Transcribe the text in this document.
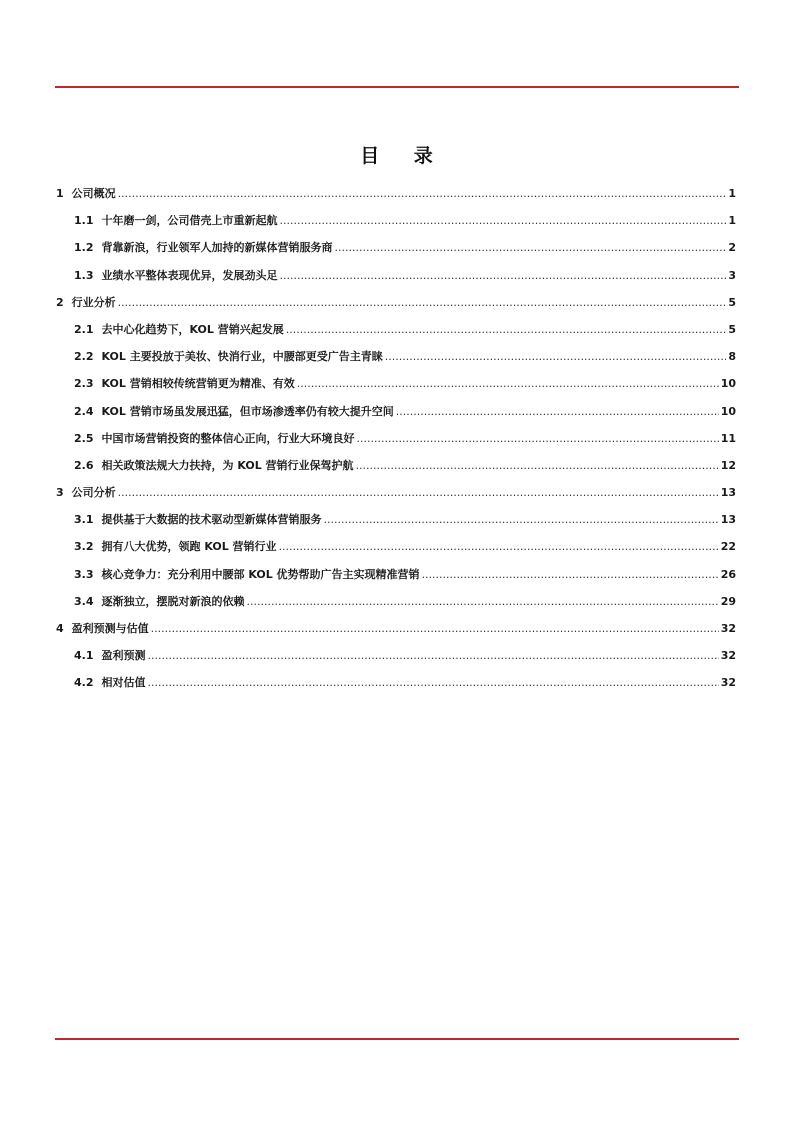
目 录
1 公司概况 .....	1
1.1 十年磨一剑，公司借壳上市重新起航 .....	1
1.2 背靠新浪，行业领军人加持的新媒体营销服务商 .....	2
1.3 业绩水平整体表现优异，发展劲头足 .....	3
2 行业分析 .....	5
2.1 去中心化趋势下，KOL 营销兴起发展 .....	5
2.2 KOL 主要投放于美妆、快消行业，中腰部更受广告主青睐 .....	8
2.3 KOL 营销相较传统营销更为精准、有效 .....	10
2.4 KOL 营销市场虽发展迅猛，但市场渗透率仍有较大提升空间 .....	10
2.5 中国市场营销投资的整体信心正向，行业大环境良好 .....	11
2.6 相关政策法规大力扶持，为 KOL 营销行业保驾护航 .....	12
3 公司分析 .....	13
3.1 提供基于大数据的技术驱动型新媒体营销服务 .....	13
3.2 拥有八大优势，领跑 KOL 营销行业 .....	22
3.3 核心竞争力：充分利用中腰部 KOL 优势帮助广告主实现精准营销 .....	26
3.4 逐渐独立，摆脱对新浪的依赖 .....	29
4 盈利预测与估值 .....	32
4.1 盈利预测 .....	32
4.2 相对估值 .....	32
